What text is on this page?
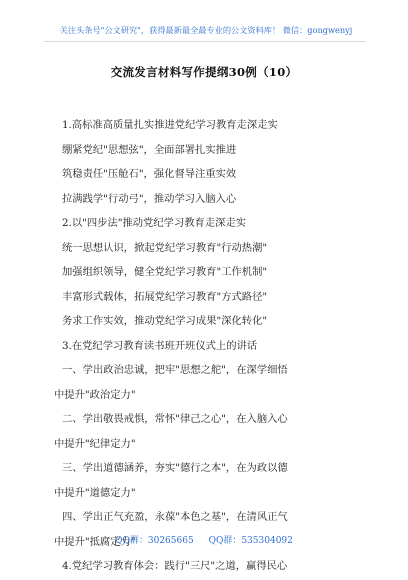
关注头条号"公文研究"，获得最新最全最专业的公文资料库！ 微信：gongwenyj
交流发言材料写作提纲30例（10）
1.高标准高质量扎实推进党纪学习教育走深走实
绷紧党纪"思想弦"，全面部署扎实推进
筑稳责任"压舱石"，强化督导注重实效
拉满践学"行动弓"，推动学习入脑入心
2.以"四步法"推动党纪学习教育走深走实
统一思想认识，掀起党纪学习教育"行动热潮"
加强组织领导，健全党纪学习教育"工作机制"
丰富形式载体，拓展党纪学习教育"方式路径"
务求工作实效，推动党纪学习成果"深化转化"
3.在党纪学习教育读书班开班仪式上的讲话
一、学出政治忠诚，把牢"思想之舵"，在深学细悟
中提升"政治定力"
二、学出敬畏戒惧，常怀"律己之心"，在入脑入心
中提升"纪律定力"
三、学出道德涵养，夯实"德行之本"，在为政以德
中提升"道德定力"
四、学出正气充盈，永葆"本色之基"，在清风正气
中提升"抵腐定力"
4.党纪学习教育体会：践行"三尺"之道，赢得民心
QQ群：30265665 QQ群：535304092
